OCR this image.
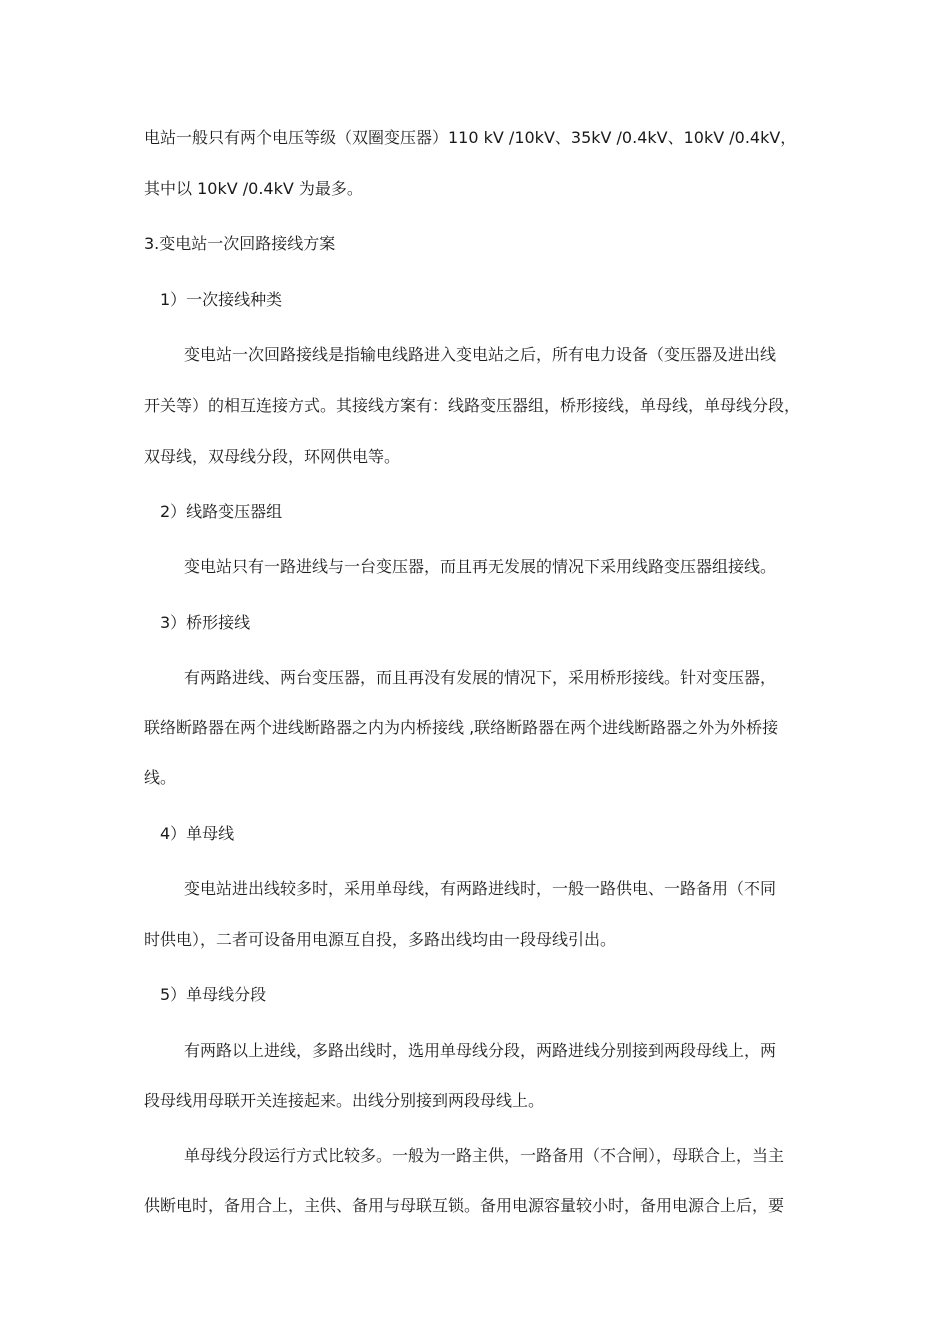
电站一般只有两个电压等级（双圈变压器）110 kV /10kV、35kV /0.4kV、10kV /0.4kV，
其中以 10kV /0.4kV 为最多。
3.变电站一次回路接线方案
1）一次接线种类
变电站一次回路接线是指输电线路进入变电站之后，所有电力设备（变压器及进出线
开关等）的相互连接方式。其接线方案有：线路变压器组，桥形接线，单母线，单母线分段，
双母线，双母线分段，环网供电等。
2）线路变压器组
变电站只有一路进线与一台变压器，而且再无发展的情况下采用线路变压器组接线。
3）桥形接线
有两路进线、两台变压器，而且再没有发展的情况下，采用桥形接线。针对变压器，
联络断路器在两个进线断路器之内为内桥接线 ,联络断路器在两个进线断路器之外为外桥接
线。
4）单母线
变电站进出线较多时，采用单母线，有两路进线时，一般一路供电、一路备用（不同
时供电），二者可设备用电源互自投，多路出线均由一段母线引出。
5）单母线分段
有两路以上进线，多路出线时，选用单母线分段，两路进线分别接到两段母线上，两
段母线用母联开关连接起来。出线分别接到两段母线上。
单母线分段运行方式比较多。一般为一路主供，一路备用（不合闸），母联合上，当主
供断电时，备用合上，主供、备用与母联互锁。备用电源容量较小时，备用电源合上后，要
